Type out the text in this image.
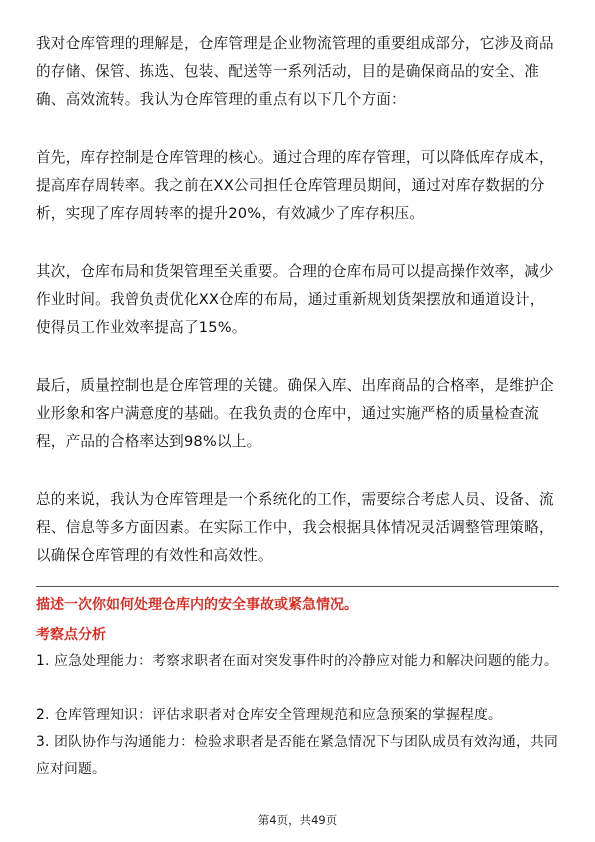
我对仓库管理的理解是，仓库管理是企业物流管理的重要组成部分，它涉及商品的存储、保管、拣选、包装、配送等一系列活动，目的是确保商品的安全、准确、高效流转。我认为仓库管理的重点有以下几个方面：

首先，库存控制是仓库管理的核心。通过合理的库存管理，可以降低库存成本，提高库存周转率。我之前在XX公司担任仓库管理员期间，通过对库存数据的分析，实现了库存周转率的提升20%，有效减少了库存积压。

其次，仓库布局和货架管理至关重要。合理的仓库布局可以提高操作效率，减少作业时间。我曾负责优化XX仓库的布局，通过重新规划货架摆放和通道设计，使得员工作业效率提高了15%。

最后，质量控制也是仓库管理的关键。确保入库、出库商品的合格率，是维护企业形象和客户满意度的基础。在我负责的仓库中，通过实施严格的质量检查流程，产品的合格率达到98%以上。

总的来说，我认为仓库管理是一个系统化的工作，需要综合考虑人员、设备、流程、信息等多方面因素。在实际工作中，我会根据具体情况灵活调整管理策略，以确保仓库管理的有效性和高效性。

描述一次你如何处理仓库内的安全事故或紧急情况。
考察点分析

1. 应急处理能力：考察求职者在面对突发事件时的冷静应对能力和解决问题的能力。

2. 仓库管理知识：评估求职者对仓库安全管理规范和应急预案的掌握程度。

3. 团队协作与沟通能力：检验求职者是否能在紧急情况下与团队成员有效沟通，共同应对问题。

第4页，共49页
